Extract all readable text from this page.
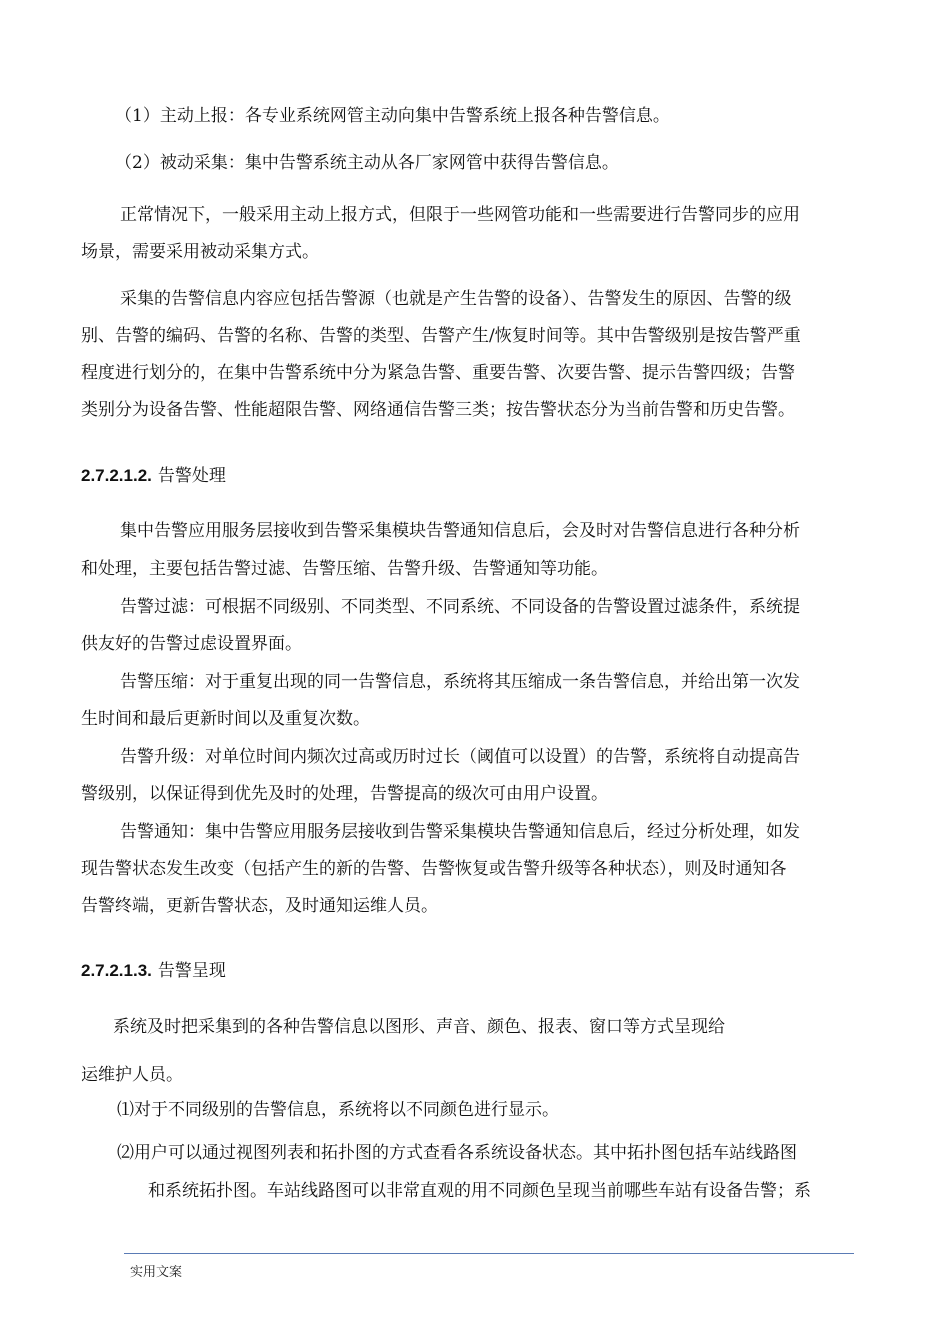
（1）主动上报：各专业系统网管主动向集中告警系统上报各种告警信息。
（2）被动采集：集中告警系统主动从各厂家网管中获得告警信息。
正常情况下，一般采用主动上报方式，但限于一些网管功能和一些需要进行告警同步的应用
场景，需要采用被动采集方式。
采集的告警信息内容应包括告警源（也就是产生告警的设备）、告警发生的原因、告警的级
别、告警的编码、告警的名称、告警的类型、告警产生/恢复时间等。其中告警级别是按告警严重
程度进行划分的，在集中告警系统中分为紧急告警、重要告警、次要告警、提示告警四级；告警
类别分为设备告警、性能超限告警、网络通信告警三类；按告警状态分为当前告警和历史告警。
2.7.2.1.2. 告警处理
集中告警应用服务层接收到告警采集模块告警通知信息后，会及时对告警信息进行各种分析
和处理，主要包括告警过滤、告警压缩、告警升级、告警通知等功能。
告警过滤：可根据不同级别、不同类型、不同系统、不同设备的告警设置过滤条件，系统提
供友好的告警过虑设置界面。
告警压缩：对于重复出现的同一告警信息，系统将其压缩成一条告警信息，并给出第一次发
生时间和最后更新时间以及重复次数。
告警升级：对单位时间内频次过高或历时过长（阈值可以设置）的告警，系统将自动提高告
警级别，以保证得到优先及时的处理，告警提高的级次可由用户设置。
告警通知：集中告警应用服务层接收到告警采集模块告警通知信息后，经过分析处理，如发
现告警状态发生改变（包括产生的新的告警、告警恢复或告警升级等各种状态），则及时通知各
告警终端，更新告警状态，及时通知运维人员。
2.7.2.1.3. 告警呈现
系统及时把采集到的各种告警信息以图形、声音、颜色、报表、窗口等方式呈现给
运维护人员。
⑴对于不同级别的告警信息，系统将以不同颜色进行显示。
⑵用户可以通过视图列表和拓扑图的方式查看各系统设备状态。其中拓扑图包括车站线路图
和系统拓扑图。车站线路图可以非常直观的用不同颜色呈现当前哪些车站有设备告警；系
实用文案
